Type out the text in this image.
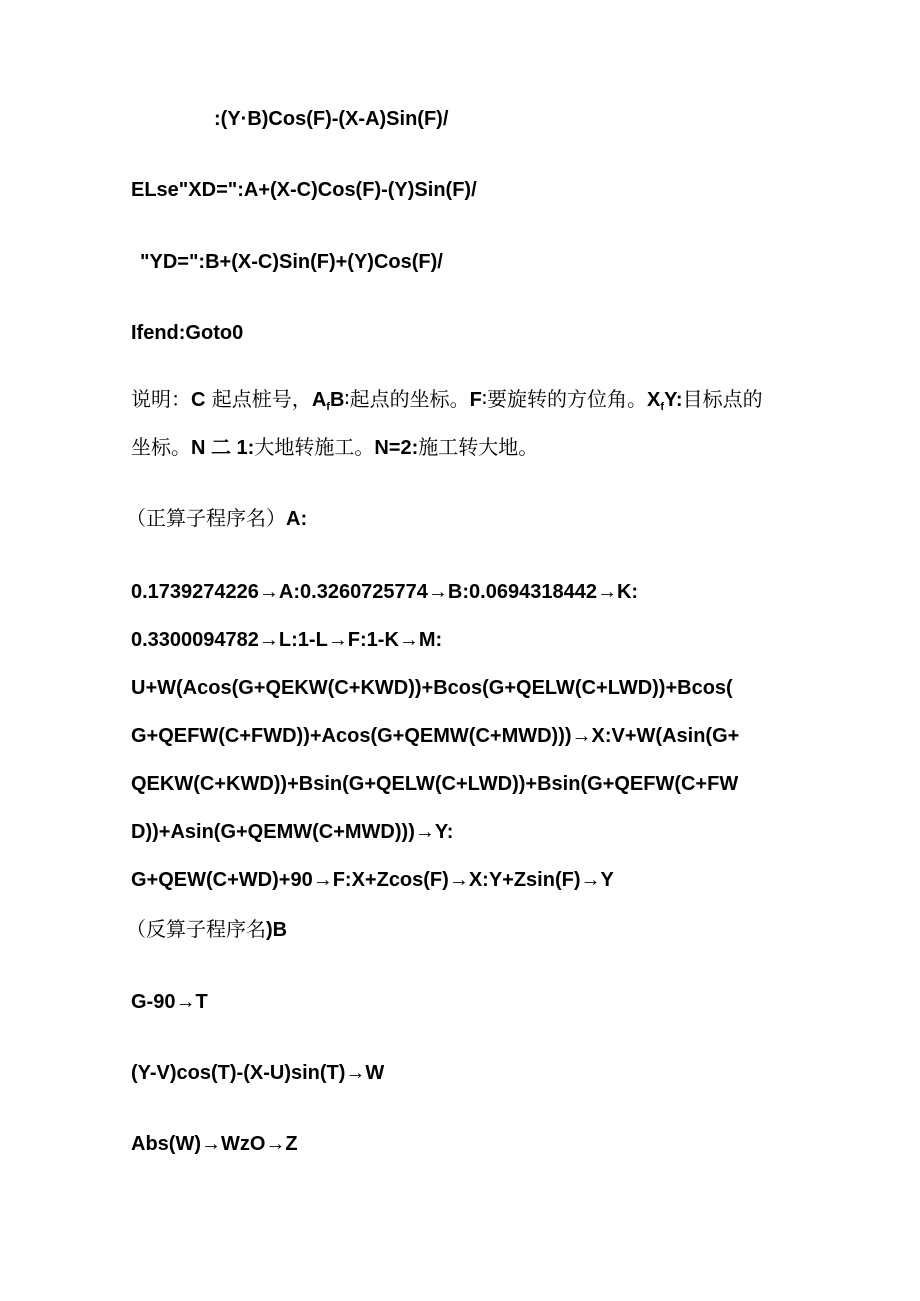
:(Y·B)Cos(F)-(X-A)Sin(F)/
ELse"XD=":A+(X-C)Cos(F)-(Y)Sin(F)/
"YD=":B+(X-C)Sin(F)+(Y)Cos(F)/
Ifend:Goto0
说明：C 起点桩号，$A_fB∶$起点的坐标。F∶要旋转的方位角。$X_fY$:目标点的
坐标。N 二 1:大地转施工。N=2:施工转大地。
（正算子程序名）A:
0.1739274226→A:0.3260725774→B:0.0694318442→K:
0.3300094782→L:1-L→F:1-K→M:
U+W(Acos(G+QEKW(C+KWD))+Bcos(G+QELW(C+LWD))+Bcos(
G+QEFW(C+FWD))+Acos(G+QEMW(C+MWD)))→X:V+W(Asin(G+
QEKW(C+KWD))+Bsin(G+QELW(C+LWD))+Bsin(G+QEFW(C+FW
D))+Asin(G+QEMW(C+MWD)))→Y:
G+QEW(C+WD)+90→F:X+Zcos(F)→X:Y+Zsin(F)→Y
（反算子程序名)B
G-90→T
(Y-V)cos(T)-(X-U)sin(T)→W
Abs(W)→WzO→Z
